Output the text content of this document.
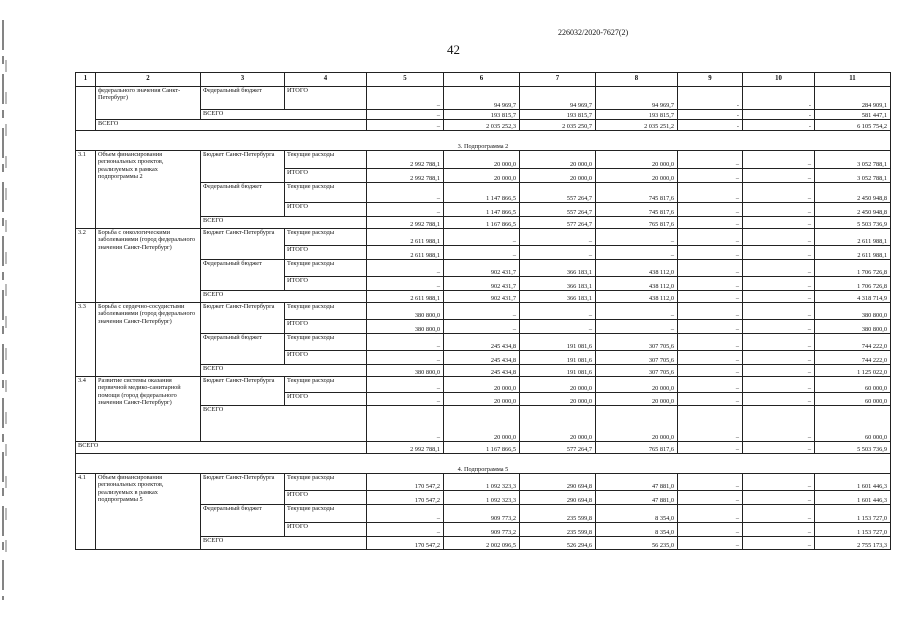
226032/2020-7627(2)
42
1	2	3	4	5	6	7	8	9	10	11
	федерального значения Санкт-Петербург)	Федеральный бюджет	ИТОГО	–	94 969,7	94 969,7	94 969,7	-	-	284 909,1
		ВСЕГО		–	193 815,7	193 815,7	193 815,7	-	-	581 447,1
	ВСЕГО			–	2 035 252,3	2 035 250,7	2 035 251,2	-	-	6 105 754,2
3. Подпрограмма 2										
3.1	Объем финансирования региональных проектов, реализуемых в рамках подпрограммы 2	Бюджет Санкт-Петербурга	Текущие расходы	2 992 788,1	20 000,0	20 000,0	20 000,0	–	–	3 052 788,1
			ИТОГО	2 992 788,1	20 000,0	20 000,0	20 000,0	–	–	3 052 788,1
		Федеральный бюджет	Текущие расходы	–	1 147 866,5	557 264,7	745 817,6	–	–	2 450 948,8
			ИТОГО	–	1 147 866,5	557 264,7	745 817,6	–	–	2 450 948,8
		ВСЕГО		2 992 788,1	1 167 866,5	577 264,7	765 817,6	–	–	5 503 736,9
3.2	Борьба с онкологическими заболеваниями (город федерального значения Санкт-Петербург)	Бюджет Санкт-Петербурга	Текущие расходы	2 611 988,1	–	–	–	–	–	2 611 988,1
			ИТОГО	2 611 988,1	–	–	–	–	–	2 611 988,1
		Федеральный бюджет	Текущие расходы	–	902 431,7	366 183,1	438 112,0	–	–	1 706 726,8
			ИТОГО	–	902 431,7	366 183,1	438 112,0	–	–	1 706 726,8
		ВСЕГО		2 611 988,1	902 431,7	366 183,1	438 112,0	–	–	4 318 714,9
3.3	Борьба с сердечно-сосудистыми заболеваниями (город федерального значения Санкт-Петербург)	Бюджет Санкт-Петербурга	Текущие расходы	380 800,0	–	–	–	–	–	380 800,0
			ИТОГО	380 800,0	–	–	–	–	–	380 800,0
		Федеральный бюджет	Текущие расходы	–	245 434,8	191 081,6	307 705,6	–	–	744 222,0
			ИТОГО	–	245 434,8	191 081,6	307 705,6	–	–	744 222,0
		ВСЕГО		380 800,0	245 434,8	191 081,6	307 705,6	–	–	1 125 022,0
3.4	Развитие системы оказания первичной медико-санитарной помощи (город федерального значения Санкт-Петербург)	Бюджет Санкт-Петербурга	Текущие расходы	–	20 000,0	20 000,0	20 000,0	–	–	60 000,0
			ИТОГО	–	20 000,0	20 000,0	20 000,0	–	–	60 000,0
		ВСЕГО		–	20 000,0	20 000,0	20 000,0	–	–	60 000,0
ВСЕГО				2 992 788,1	1 167 866,5	577 264,7	765 817,6	–	–	5 503 736,9
4. Подпрограмма 5										
4.1	Объем финансирования региональных проектов, реализуемых в рамках подпрограммы 5	Бюджет Санкт-Петербурга	Текущие расходы	170 547,2	1 092 323,3	290 694,8	47 881,0	–	–	1 601 446,3
			ИТОГО	170 547,2	1 092 323,3	290 694,8	47 881,0	–	–	1 601 446,3
		Федеральный бюджет	Текущие расходы	–	909 773,2	235 599,8	8 354,0	–	–	1 153 727,0
			ИТОГО	–	909 773,2	235 599,8	8 354,0	–	–	1 153 727,0
		ВСЕГО		170 547,2	2 002 096,5	526 294,6	56 235,0	–	–	2 755 173,3
